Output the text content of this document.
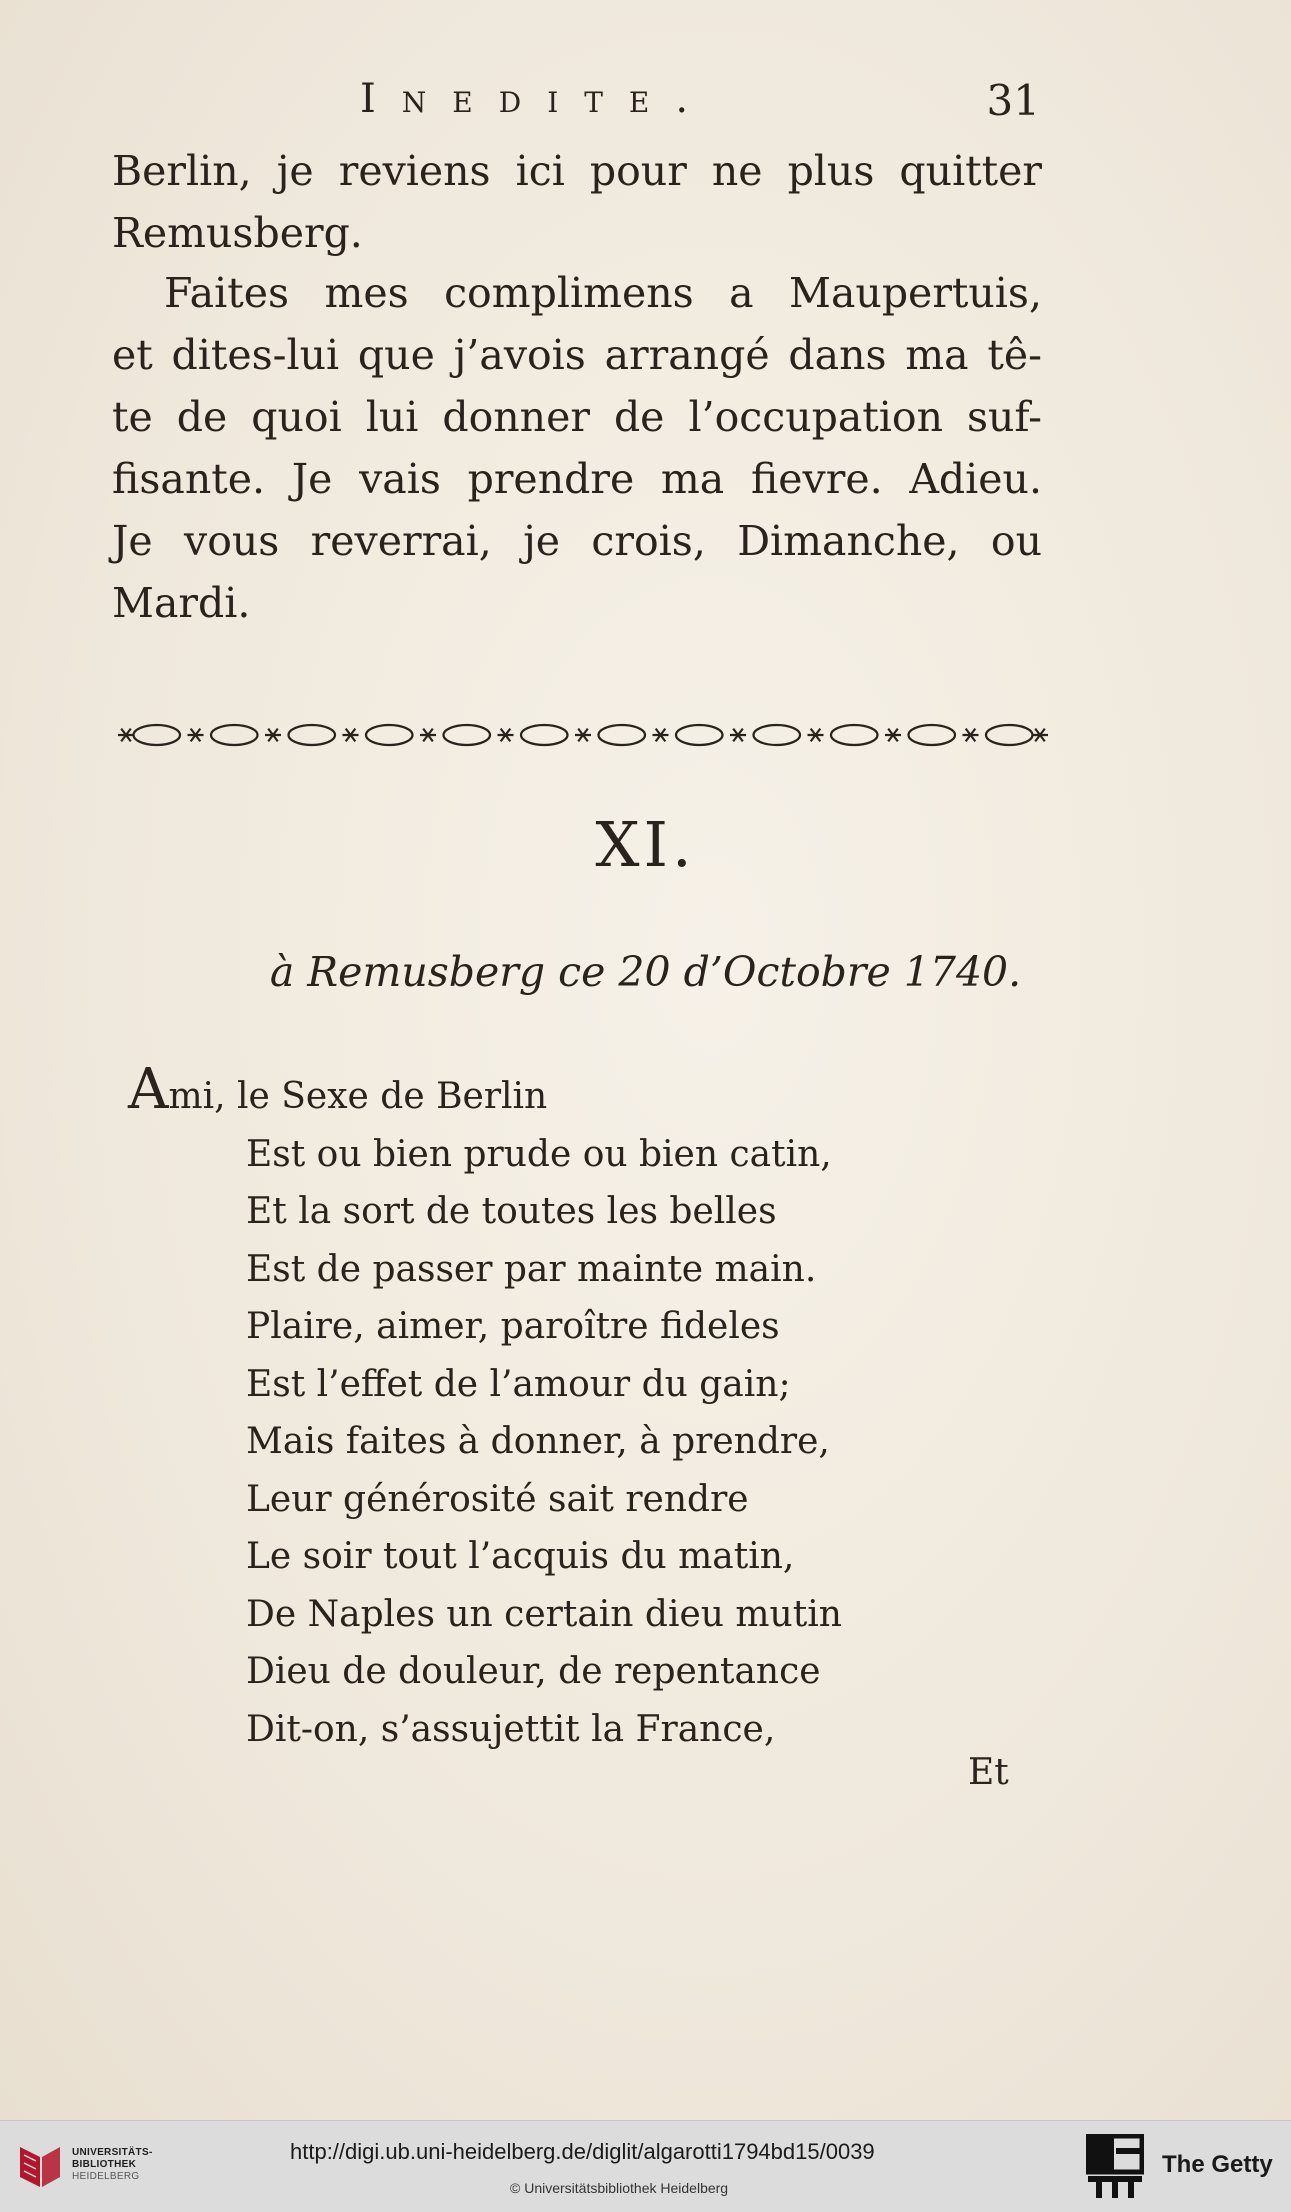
Inedite.	31
Berlin, je reviens ici pour ne plus quitter
Remusberg.
Faites mes complimens a Maupertuis,
et dites-lui que j’avois arrangé dans ma tê-
te de quoi lui donner de l’occupation suf-
fisante. Je vais prendre ma fievre. Adieu.
Je vous reverrai, je crois, Dimanche, ou
Mardi.
XI.
à Remusberg ce 20 d’Octobre 1740.
Ami, le Sexe de Berlin
Est ou bien prude ou bien catin,
Et la sort de toutes les belles
Est de passer par mainte main.
Plaire, aimer, paroître fideles
Est l’effet de l’amour du gain;
Mais faites à donner, à prendre,
Leur générosité sait rendre
Le soir tout l’acquis du matin,
De Naples un certain dieu mutin
Dieu de douleur, de repentance
Dit-on, s’assujettit la France,
Et
UNIVERSITÄTS-
BIBLIOTHEK
HEIDELBERG
http://digi.ub.uni-heidelberg.de/diglit/algarotti1794bd15/0039
© Universitätsbibliothek Heidelberg
The Getty
